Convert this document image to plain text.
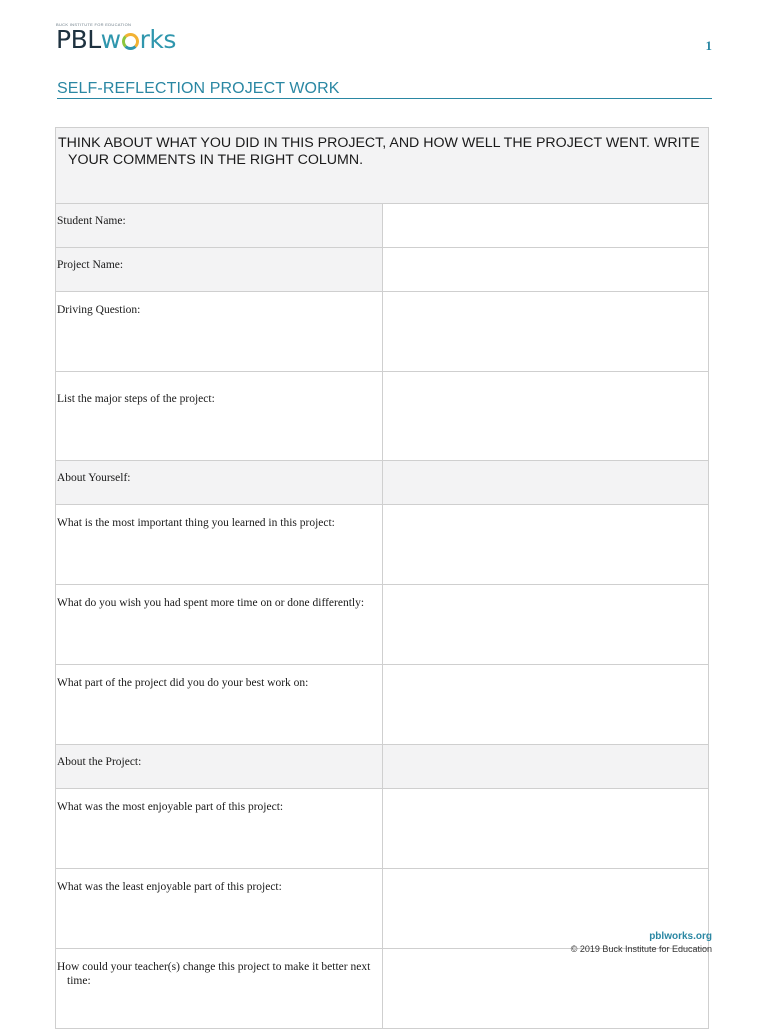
BUCK INSTITUTE FOR EDUCATION
PBLw rks	1
SELF-REFLECTION PROJECT WORK
THINK ABOUT WHAT YOU DID IN THIS PROJECT, AND HOW WELL THE PROJECT WENT. WRITE YOUR COMMENTS IN THE RIGHT COLUMN.	

Student Name:	

Project Name:	

Driving Question:	

List the major steps of the project:	

About Yourself:	

What is the most important thing you learned in this project:	

What do you wish you had spent more time on or done differently:	

What part of the project did you do your best work on:	

About the Project:	

What was the most enjoyable part of this project:	

What was the least enjoyable part of this project:	

How could your teacher(s) change this project to make it better next time:	

pblworks.org
© 2019 Buck Institute for Education
